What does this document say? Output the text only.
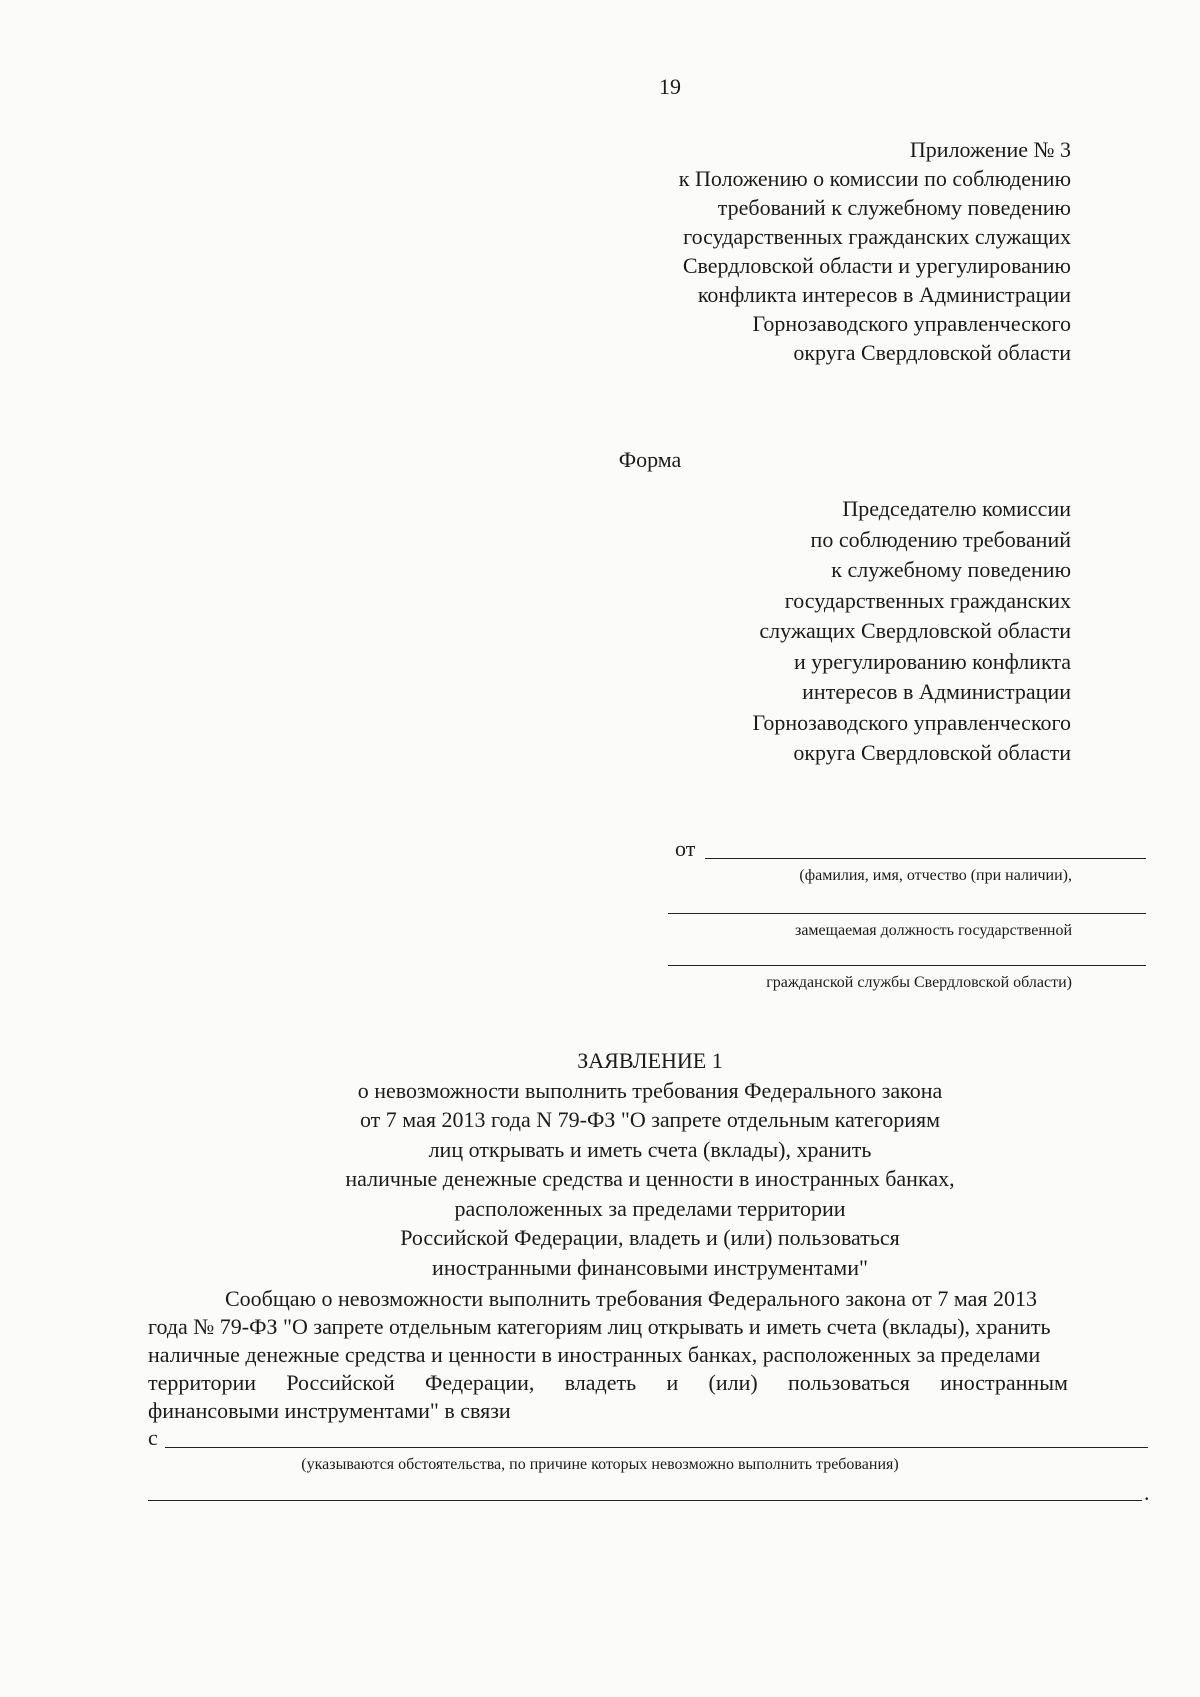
19
Приложение № 3
к Положению о комиссии по соблюдению
требований к служебному поведению
государственных гражданских служащих
Свердловской области и урегулированию
конфликта интересов в Администрации
Горнозаводского управленческого
округа Свердловской области
Форма
Председателю комиссии
по соблюдению требований
к служебному поведению
государственных гражданских
служащих Свердловской области
и урегулированию конфликта
интересов в Администрации
Горнозаводского управленческого
округа Свердловской области
от
(фамилия, имя, отчество (при наличии),
замещаемая должность государственной
гражданской службы Свердловской области)
ЗАЯВЛЕНИЕ 1
о невозможности выполнить требования Федерального закона
от 7 мая 2013 года N 79-ФЗ "О запрете отдельным категориям
лиц открывать и иметь счета (вклады), хранить
наличные денежные средства и ценности в иностранных банках,
расположенных за пределами территории
Российской Федерации, владеть и (или) пользоваться
иностранными финансовыми инструментами"
Сообщаю о невозможности выполнить требования Федерального закона от 7 мая 2013
года № 79-ФЗ "О запрете отдельным категориям лиц открывать и иметь счета (вклады), хранить
наличные денежные средства и ценности в иностранных банках, расположенных за пределами
территории Российской Федерации, владеть и (или) пользоваться иностранным
финансовыми инструментами" в связи
с
(указываются обстоятельства, по причине которых невозможно выполнить требования)
.
